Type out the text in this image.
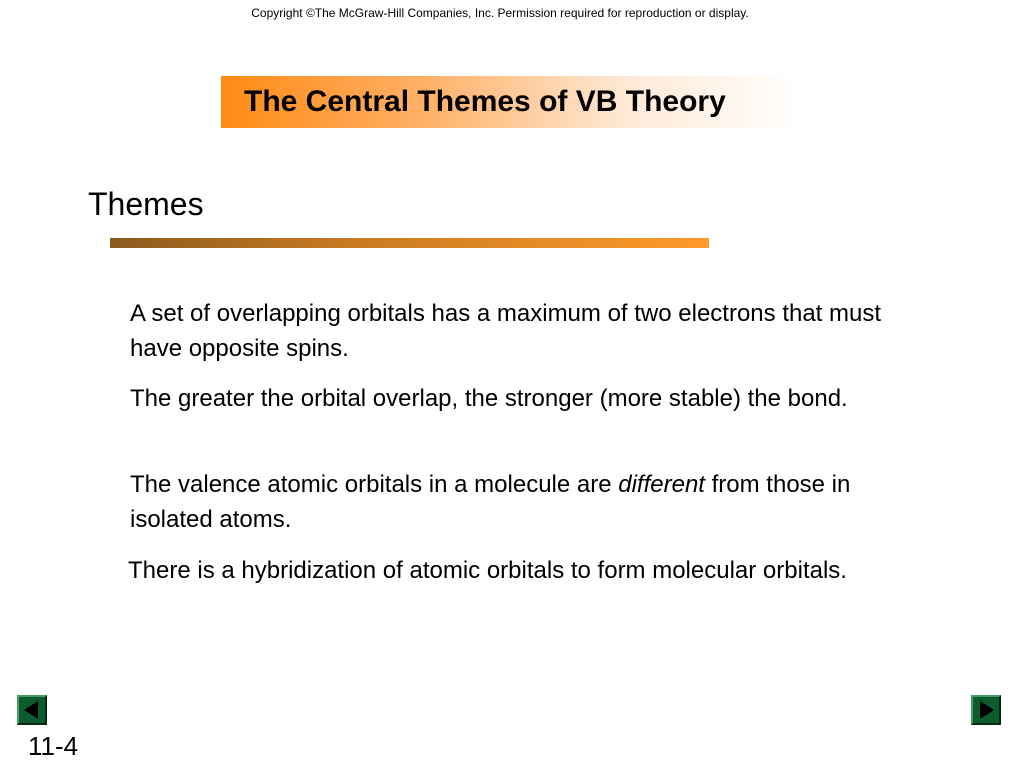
Copyright ©The McGraw-Hill Companies, Inc. Permission required for reproduction or display.
The Central Themes of VB Theory
Themes
A set of overlapping orbitals has a maximum of two electrons that must have opposite spins.
The greater the orbital overlap, the stronger (more stable) the bond.
The valence atomic orbitals in a molecule are different from those in isolated atoms.
There is a hybridization of atomic orbitals to form molecular orbitals.
11-4
